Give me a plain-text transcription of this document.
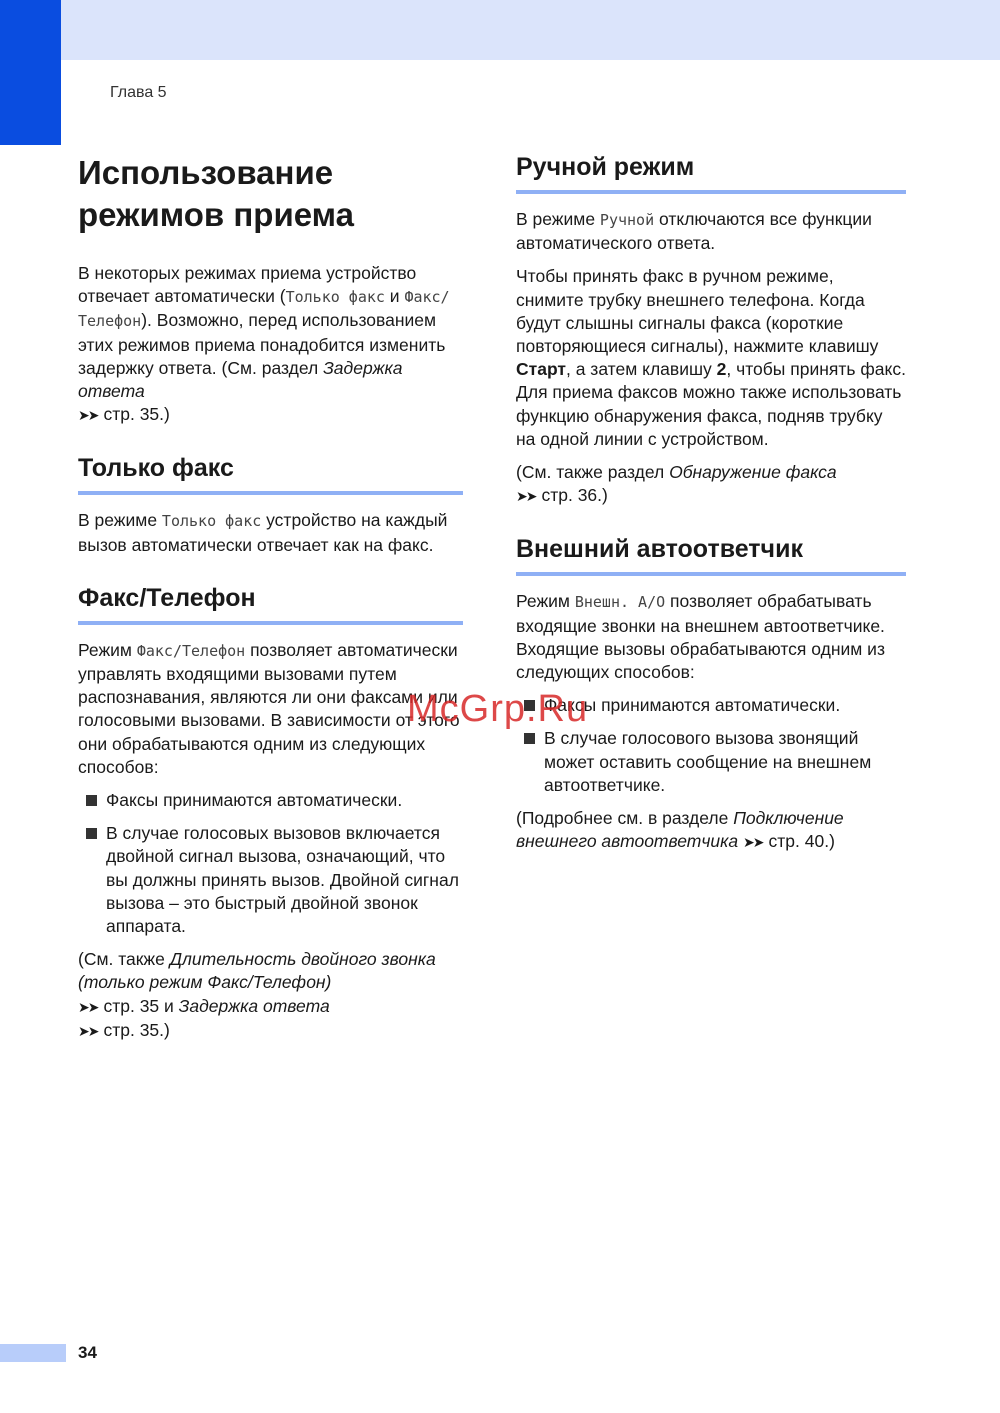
Глава 5
Использование режимов приема

В некоторых режимах приема устройство отвечает автоматически (Только факс и Факс/Телефон). Возможно, перед использованием этих режимов приема понадобится изменить задержку ответа. (См. раздел Задержка ответа
➤➤ стр. 35.)

Только факс

В режиме Только факс устройство на каждый вызов автоматически отвечает как на факс.

Факс/Телефон

Режим Факс/Телефон позволяет автоматически управлять входящими вызовами путем распознавания, являются ли они факсами или голосовыми вызовами. В зависимости от этого они обрабатываются одним из следующих способов:

Факсы принимаются автоматически.
В случае голосовых вызовов включается двойной сигнал вызова, означающий, что вы должны принять вызов. Двойной сигнал вызова – это быстрый двойной звонок аппарата.

(См. также Длительность двойного звонка (только режим Факс/Телефон)
➤➤ стр. 35 и Задержка ответа
➤➤ стр. 35.)

Ручной режим

В режиме Ручной отключаются все функции автоматического ответа.

Чтобы принять факс в ручном режиме, снимите трубку внешнего телефона. Когда будут слышны сигналы факса (короткие повторяющиеся сигналы), нажмите клавишу Старт, а затем клавишу 2, чтобы принять факс. Для приема факсов можно также использовать функцию обнаружения факса, подняв трубку на одной линии с устройством.

(См. также раздел Обнаружение факса
➤➤ стр. 36.)

Внешний автоответчик

Режим Внешн. А/О позволяет обрабатывать входящие звонки на внешнем автоответчике. Входящие вызовы обрабатываются одним из следующих способов:

Факсы принимаются автоматически.
В случае голосового вызова звонящий может оставить сообщение на внешнем автоответчике.

(Подробнее см. в разделе Подключение внешнего автоответчика ➤➤ стр. 40.)

McGrp.Ru
34
